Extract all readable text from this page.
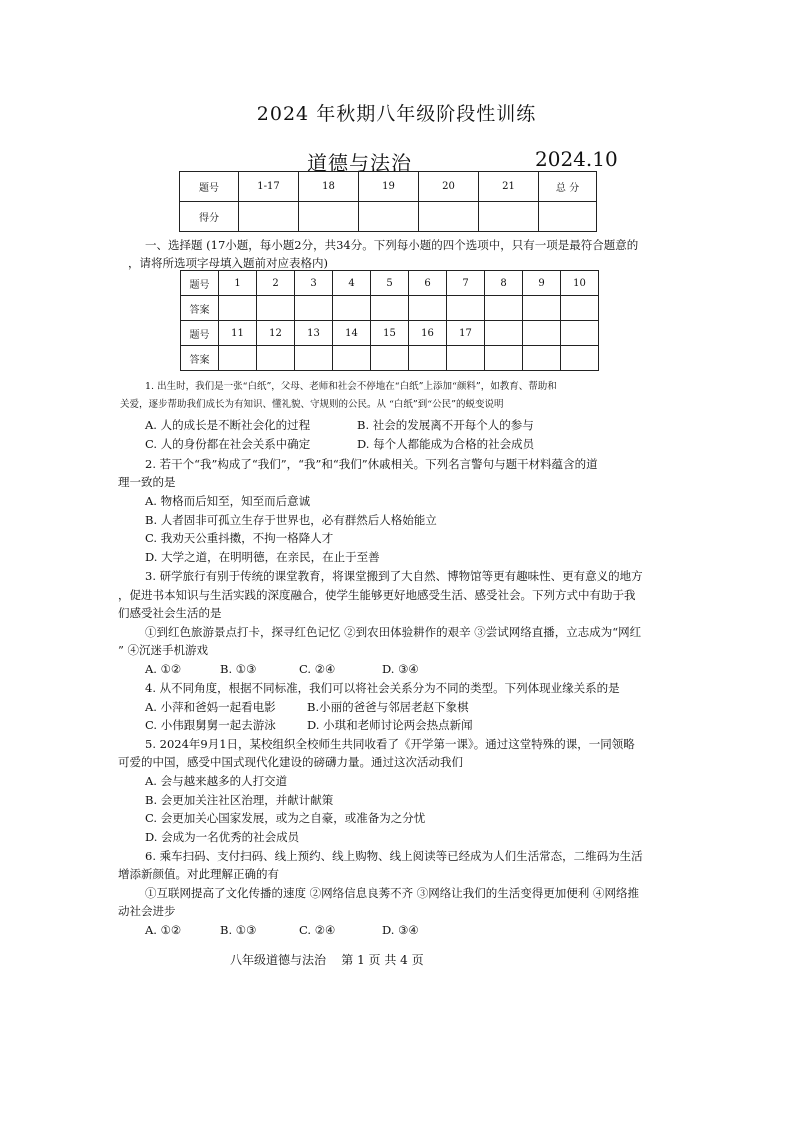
2024 年秋期八年级阶段性训练
道德与法治	2024.10
题号	1-17	18	19	20	21	总 分
得分						
一、选择题 (17小题，每小题2分，共34分。下列每小题的四个选项中，只有一项是最符合题意的
，请将所选项字母填入题前对应表格内)
题号	1	2	3	4	5	6	7	8	9	10
答案										
题号	11	12	13	14	15	16	17			
答案										
1. 出生时，我们是一张“白纸”，父母、老师和社会不停地在“白纸”上添加“颜料”，如教育、帮助和
关爱，逐步帮助我们成长为有知识、懂礼貌、守规则的公民。从 “白纸”到“公民”的蜕变说明
A. 人的成长是不断社会化的过程	B. 社会的发展离不开每个人的参与
C. 人的身份都在社会关系中确定	D. 每个人都能成为合格的社会成员
2. 若干个“我”构成了“我们”，“我”和“我们”休戚相关。下列名言警句与题干材料蕴含的道
理一致的是
A. 物格而后知至，知至而后意诚
B. 人者固非可孤立生存于世界也，必有群然后人格始能立
C. 我劝天公重抖擞，不拘一格降人才
D. 大学之道，在明明德，在亲民，在止于至善
3. 研学旅行有别于传统的课堂教育，将课堂搬到了大自然、博物馆等更有趣味性、更有意义的地方
，促进书本知识与生活实践的深度融合，使学生能够更好地感受生活、感受社会。下列方式中有助于我
们感受社会生活的是
①到红色旅游景点打卡，探寻红色记忆 ②到农田体验耕作的艰辛 ③尝试网络直播，立志成为“网红
” ④沉迷手机游戏
A. ①②	B. ①③	C. ②④	D. ③④
4. 从不同角度，根据不同标准，我们可以将社会关系分为不同的类型。下列体现业缘关系的是
A. 小萍和爸妈一起看电影	B.小丽的爸爸与邻居老赵下象棋
C. 小伟跟舅舅一起去游泳	D. 小琪和老师讨论两会热点新闻
5. 2024年9月1日，某校组织全校师生共同收看了《开学第一课》。通过这堂特殊的课，一同领略
可爱的中国，感受中国式现代化建设的磅礴力量。通过这次活动我们
A. 会与越来越多的人打交道
B. 会更加关注社区治理，并献计献策
C. 会更加关心国家发展，或为之自豪，或准备为之分忧
D. 会成为一名优秀的社会成员
6. 乘车扫码、支付扫码、线上预约、线上购物、线上阅读等已经成为人们生活常态，二维码为生活
增添新颜值。对此理解正确的有
①互联网提高了文化传播的速度 ②网络信息良莠不齐 ③网络让我们的生活变得更加便利 ④网络推
动社会进步
A. ①②	B. ①③	C. ②④	D. ③④
八年级道德与法治    第 1 页 共 4 页
